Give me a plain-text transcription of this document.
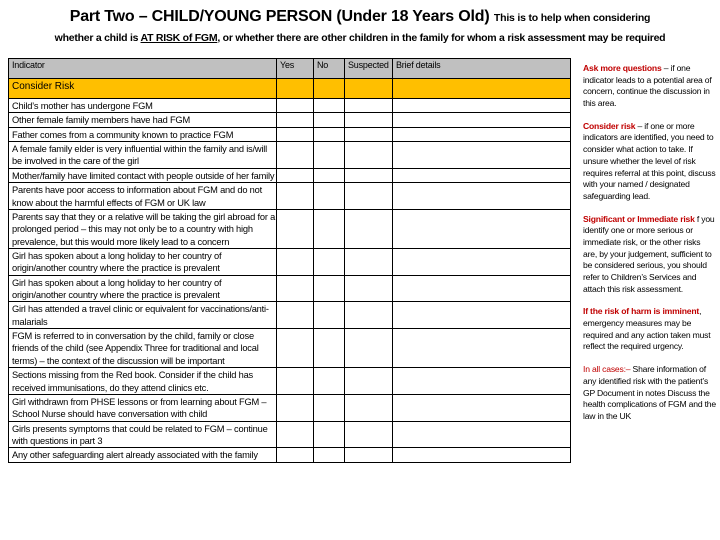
Part Two – CHILD/YOUNG PERSON (Under 18 Years Old) This is to help when considering
whether a child is AT RISK of FGM, or whether there are other children in the family for whom a risk assessment may be required
Indicator	Yes	No	Suspected	Brief details
Consider Risk				
Child’s mother has undergone FGM				
Other female family members have had FGM				
Father comes from a community known to practice FGM				
A female family elder is very influential within the family and is/will be involved in the care of the girl				
Mother/family have limited contact with people outside of her family				
Parents have poor access to information about FGM and do not know about the harmful effects of FGM or UK law				
Parents say that they or a relative will be taking the girl abroad for a prolonged period – this may not only be to a country with high prevalence, but this would more likely lead to a concern				
Girl has spoken about a long holiday to her country of origin/another country where the practice is prevalent				
Girl has spoken about a long holiday to her country of origin/another country where the practice is prevalent				
Girl has attended a travel clinic or equivalent for vaccinations/anti-malarials				
FGM is referred to in conversation by the child, family or close friends of the child (see Appendix Three for traditional and local terms) – the context of the discussion will be important				
Sections missing from the Red book. Consider if the child has received immunisations, do they attend clinics etc.				
Girl withdrawn from PHSE lessons or from learning about FGM – School Nurse should have conversation with child				
Girls presents symptoms that could be related to FGM – continue with questions in part 3				
Any other safeguarding alert already associated with the family				
Ask more questions – if one indicator leads to a potential area of concern, continue the discussion in this area.
Consider risk – if one or more indicators are identified, you need to consider what action to take. If unsure whether the level of risk requires referral at this point, discuss with your named / designated safeguarding lead.
Significant or Immediate risk f you identify one or more serious or immediate risk, or the other risks are, by your judgement, sufficient to be considered serious, you should refer to Children’s Services and attach this risk assessment.
If the risk of harm is imminent, emergency measures may be required and any action taken must reflect the required urgency.
In all cases:– Share information of any identified risk with the patient’s GP Document in notes Discuss the health complications of FGM and the law in the UK
